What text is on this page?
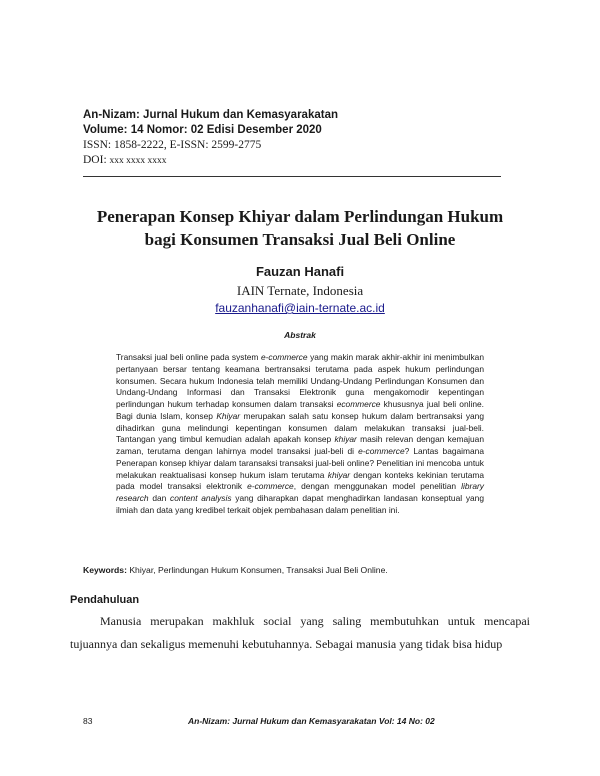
An-Nizam: Jurnal Hukum dan Kemasyarakatan
Volume: 14 Nomor: 02 Edisi Desember 2020
ISSN: 1858-2222, E-ISSN: 2599-2775
DOI: xxx xxxx xxxx
Penerapan Konsep Khiyar dalam Perlindungan Hukum
bagi Konsumen Transaksi Jual Beli Online
Fauzan Hanafi
IAIN Ternate, Indonesia
fauzanhanafi@iain-ternate.ac.id
Abstrak

Transaksi jual beli online pada system e-commerce yang makin marak akhir-akhir ini menimbulkan pertanyaan bersar tentang keamana bertransaksi terutama pada aspek hukum perlindungan konsumen. Secara hukum Indonesia telah memiliki Undang-Undang Perlindungan Konsumen dan Undang-Undang Informasi dan Transaksi Elektronik guna mengakomodir kepentingan perlindungan hukum terhadap konsumen dalam transaksi ecommerce khususnya jual beli online. Bagi dunia Islam, konsep Khiyar merupakan salah satu konsep hukum dalam bertransaksi yang dihadirkan guna melindungi kepentingan konsumen dalam melakukan transaksi jual-beli. Tantangan yang timbul kemudian adalah apakah konsep khiyar masih relevan dengan kemajuan zaman, terutama dengan lahirnya model transaksi jual-beli di e-commerce? Lantas bagaimana Penerapan konsep khiyar dalam taransaksi transaksi jual-beli online? Penelitian ini mencoba untuk melakukan reaktualisasi konsep hukum islam terutama khiyar dengan konteks kekinian terutama pada model transaksi elektronik e-commerce, dengan menggunakan model penelitian library research dan content analysis yang diharapkan dapat menghadirkan landasan konseptual yang ilmiah dan data yang kredibel terkait objek pembahasan dalam penelitian ini.

Keywords: Khiyar, Perlindungan Hukum Konsumen, Transaksi Jual Beli Online.
Pendahuluan

Manusia merupakan makhluk social yang saling membutuhkan untuk mencapai tujuannya dan sekaligus memenuhi kebutuhannya. Sebagai manusia yang tidak bisa hidup

83	An-Nizam: Jurnal Hukum dan Kemasyarakatan Vol: 14 No: 02
